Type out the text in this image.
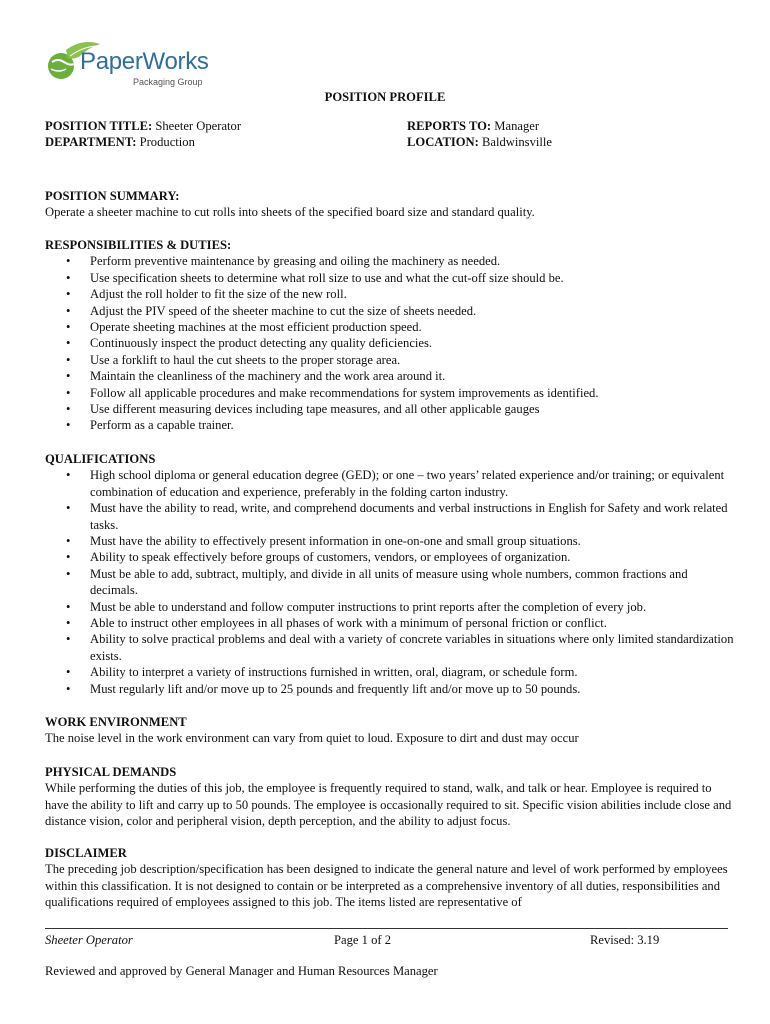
PaperWorks
Packaging Group
POSITION PROFILE
POSITION TITLE: Sheeter Operator
DEPARTMENT: Production
REPORTS TO: Manager
LOCATION: Baldwinsville
POSITION SUMMARY:
Operate a sheeter machine to cut rolls into sheets of the specified board size and standard quality.
RESPONSIBILITIES & DUTIES:
• Perform preventive maintenance by greasing and oiling the machinery as needed.
• Use specification sheets to determine what roll size to use and what the cut-off size should be.
• Adjust the roll holder to fit the size of the new roll.
• Adjust the PIV speed of the sheeter machine to cut the size of sheets needed.
• Operate sheeting machines at the most efficient production speed.
• Continuously inspect the product detecting any quality deficiencies.
• Use a forklift to haul the cut sheets to the proper storage area.
• Maintain the cleanliness of the machinery and the work area around it.
• Follow all applicable procedures and make recommendations for system improvements as identified.
• Use different measuring devices including tape measures, and all other applicable gauges
• Perform as a capable trainer.
QUALIFICATIONS
• High school diploma or general education degree (GED); or one – two years’ related experience and/or training; or equivalent combination of education and experience, preferably in the folding carton industry.
• Must have the ability to read, write, and comprehend documents and verbal instructions in English for Safety and work related tasks.
• Must have the ability to effectively present information in one-on-one and small group situations.
• Ability to speak effectively before groups of customers, vendors, or employees of organization.
• Must be able to add, subtract, multiply, and divide in all units of measure using whole numbers, common fractions and decimals.
• Must be able to understand and follow computer instructions to print reports after the completion of every job.
• Able to instruct other employees in all phases of work with a minimum of personal friction or conflict.
• Ability to solve practical problems and deal with a variety of concrete variables in situations where only limited standardization exists.
• Ability to interpret a variety of instructions furnished in written, oral, diagram, or schedule form.
• Must regularly lift and/or move up to 25 pounds and frequently lift and/or move up to 50 pounds.
WORK ENVIRONMENT
The noise level in the work environment can vary from quiet to loud. Exposure to dirt and dust may occur
PHYSICAL DEMANDS
While performing the duties of this job, the employee is frequently required to stand, walk, and talk or hear. Employee is required to have the ability to lift and carry up to 50 pounds. The employee is occasionally required to sit. Specific vision abilities include close and distance vision, color and peripheral vision, depth perception, and the ability to adjust focus.
DISCLAIMER
The preceding job description/specification has been designed to indicate the general nature and level of work performed by employees within this classification. It is not designed to contain or be interpreted as a comprehensive inventory of all duties, responsibilities and qualifications required of employees assigned to this job. The items listed are representative of
Sheeter Operator	Page 1 of 2	Revised: 3.19
Reviewed and approved by General Manager and Human Resources Manager
